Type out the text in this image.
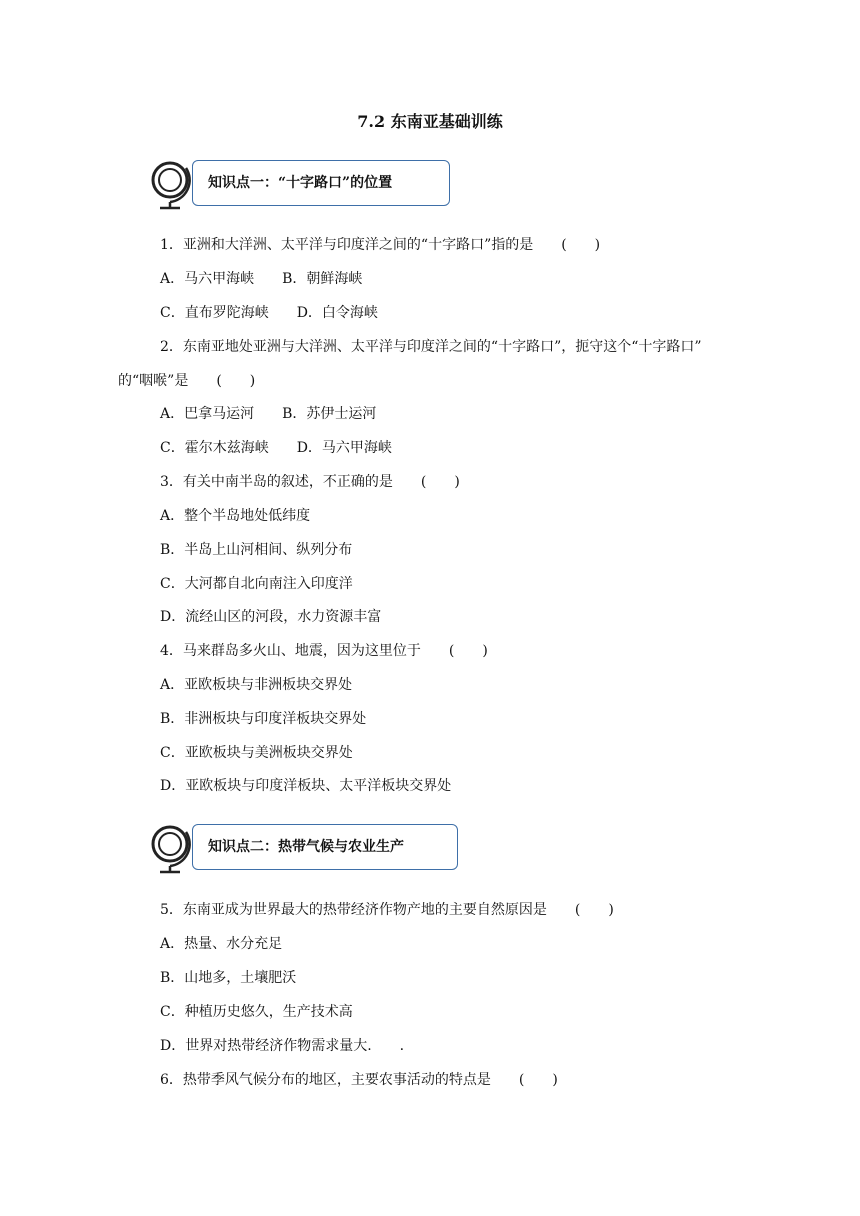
7.2 东南亚基础训练
知识点一：“十字路口”的位置
1．亚洲和大洋洲、太平洋与印度洋之间的“十字路口”指的是　　(　　)
A．马六甲海峡　　B．朝鲜海峡
C．直布罗陀海峡　　D．白令海峡
2．东南亚地处亚洲与大洋洲、太平洋与印度洋之间的“十字路口”，扼守这个“十字路口”
的“咽喉”是　　(　　)
A．巴拿马运河　　B．苏伊士运河
C．霍尔木兹海峡　　D．马六甲海峡
3．有关中南半岛的叙述，不正确的是　　(　　)
A．整个半岛地处低纬度
B．半岛上山河相间、纵列分布
C．大河都自北向南注入印度洋
D．流经山区的河段，水力资源丰富
4．马来群岛多火山、地震，因为这里位于　　(　　)
A．亚欧板块与非洲板块交界处
B．非洲板块与印度洋板块交界处
C．亚欧板块与美洲板块交界处
D．亚欧板块与印度洋板块、太平洋板块交界处
知识点二：热带气候与农业生产
5．东南亚成为世界最大的热带经济作物产地的主要自然原因是　　(　　)
A．热量、水分充足
B．山地多，土壤肥沃
C．种植历史悠久，生产技术高
D．世界对热带经济作物需求量大.　　.
6．热带季风气候分布的地区，主要农事活动的特点是　　(　　)
